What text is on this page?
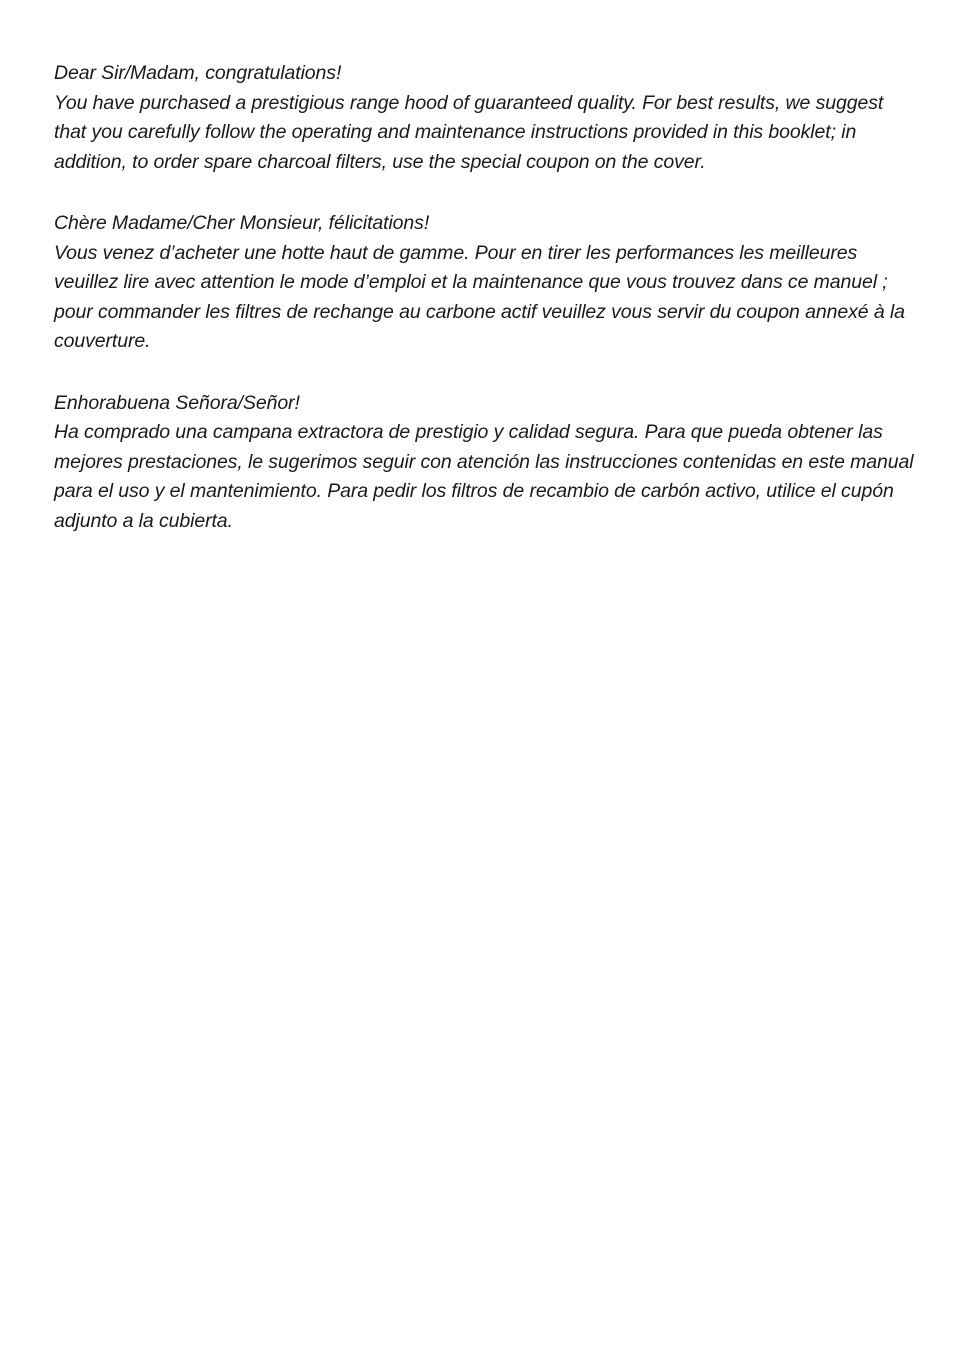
Dear Sir/Madam, congratulations!

You have purchased a prestigious range hood of guaranteed quality. For best results, we suggest that you carefully follow the operating and maintenance instructions provided in this booklet; in addition, to order spare charcoal filters, use the special coupon on the cover.

Chère Madame/Cher Monsieur, félicitations!

Vous venez d’acheter une hotte haut de gamme. Pour en tirer les performances les meilleures veuillez lire avec attention le mode d’emploi et la maintenance que vous trouvez dans ce manuel ; pour commander les filtres de rechange au carbone actif veuillez vous servir du coupon annexé à la couverture.

Enhorabuena Señora/Señor!

Ha comprado una campana extractora de prestigio y calidad segura. Para que pueda obtener las mejores prestaciones, le sugerimos seguir con atención las instrucciones contenidas en este manual para el uso y el mantenimiento. Para pedir los filtros de recambio de carbón activo, utilice el cupón adjunto a la cubierta.
